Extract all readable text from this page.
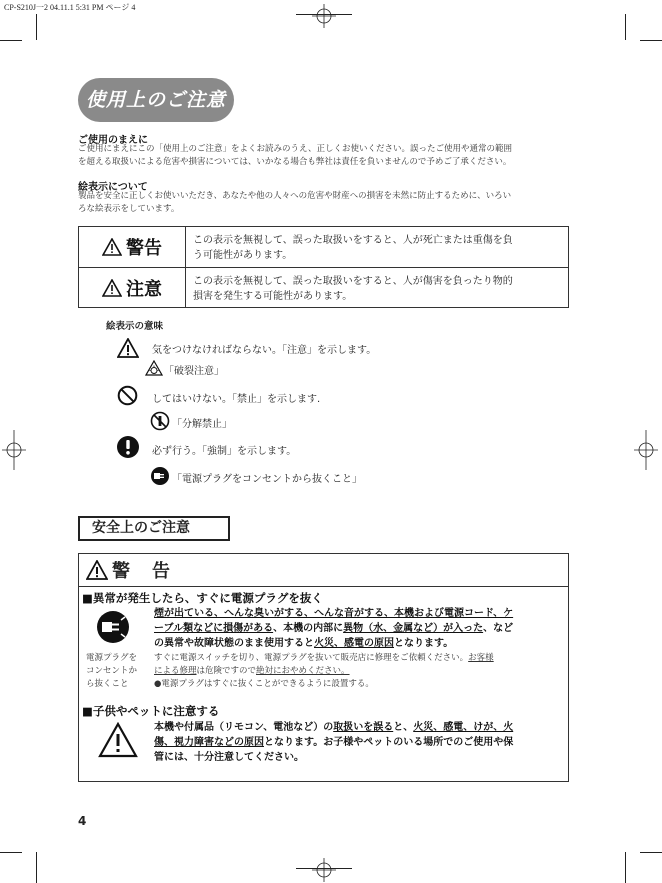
CP-S210J一2 04.11.1 5:31 PM ページ 4
使用上のご注意
ご使用のまえに
ご使用にまえにこの「使用上のご注意」をよくお読みのうえ、正しくお使いください。誤ったご使用や通常の範囲
を超える取扱いによる危害や損害については、いかなる場合も弊社は責任を負いませんので予めご了承ください。
絵表示について
製品を安全に正しくお使いいただき、あなたや他の人々への危害や財産への損害を未然に防止するために、いろい
ろな絵表示をしています。
警告	この表示を無視して、誤った取扱いをすると、人が死亡または重傷を負
う可能性があります。
注意	この表示を無視して、誤った取扱いをすると、人が傷害を負ったり物的
損害を発生する可能性があります。
絵表示の意味
気をつけなければならない。「注意」を示します。
「破裂注意」
してはいけない。「禁止」を示します.
「分解禁止」
必ず行う。「強制」を示します。
「電源プラグをコンセントから抜くこと」
安全上のご注意
警　告
■異常が発生したら、すぐに電源プラグを抜く
電源プラグを
コンセントか
ら抜くこと
煙が出ている、へんな臭いがする、へんな音がする、本機および電源コード、ケ
ーブル類などに損傷がある、本機の内部に異物（水、金属など）が入った、など
の異常や故障状態のまま使用すると火災、感電の原因となります。
すぐに電源スイッチを切り、電源プラグを抜いて販売店に修理をご依頼ください。お客様
による修理は危険ですので絶対におやめください。
●電源プラグはすぐに抜くことができるように設置する。
■子供やペットに注意する
本機や付属品（リモコン、電池など）の取扱いを誤ると、火災、感電、けが、火
傷、視力障害などの原因となります。お子様やペットのいる場所でのご使用や保
管には、十分注意してください。
4
